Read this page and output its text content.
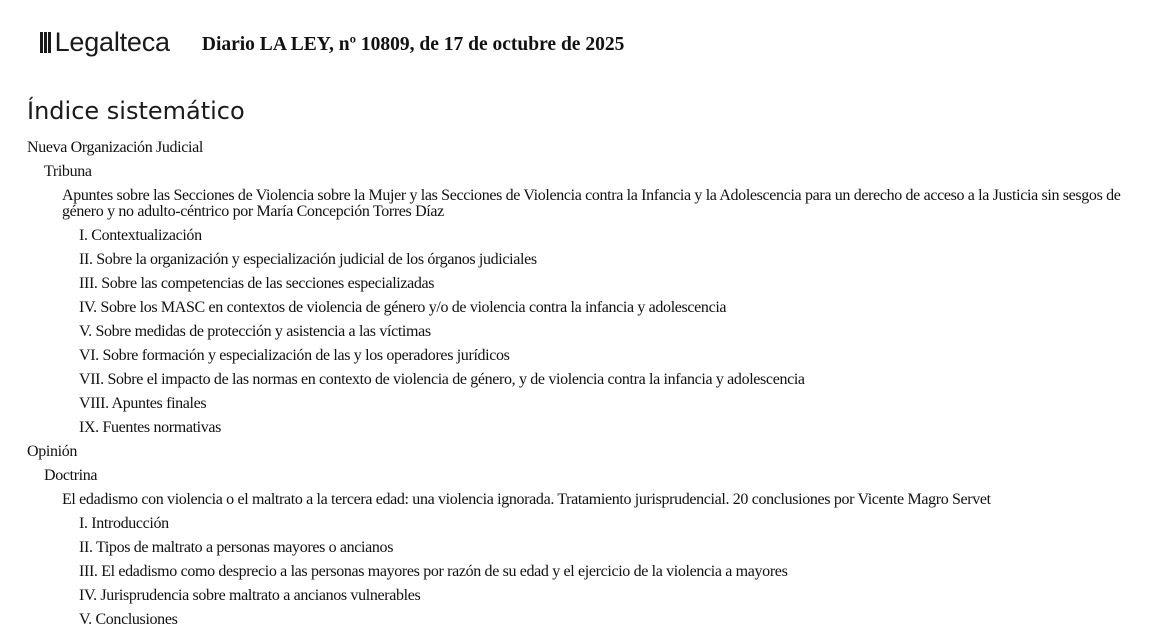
Legalteca Diario LA LEY, nº 10809, de 17 de octubre de 2025
Índice sistemático
Nueva Organización Judicial
Tribuna
Apuntes sobre las Secciones de Violencia sobre la Mujer y las Secciones de Violencia contra la Infancia y la Adolescencia para un derecho de acceso a la Justicia sin sesgos de género y no adulto-céntrico por María Concepción Torres Díaz
I. Contextualización
II. Sobre la organización y especialización judicial de los órganos judiciales
III. Sobre las competencias de las secciones especializadas
IV. Sobre los MASC en contextos de violencia de género y/o de violencia contra la infancia y adolescencia
V. Sobre medidas de protección y asistencia a las víctimas
VI. Sobre formación y especialización de las y los operadores jurídicos
VII. Sobre el impacto de las normas en contexto de violencia de género, y de violencia contra la infancia y adolescencia
VIII. Apuntes finales
IX. Fuentes normativas
Opinión
Doctrina
El edadismo con violencia o el maltrato a la tercera edad: una violencia ignorada. Tratamiento jurisprudencial. 20 conclusiones por Vicente Magro Servet
I. Introducción
II. Tipos de maltrato a personas mayores o ancianos
III. El edadismo como desprecio a las personas mayores por razón de su edad y el ejercicio de la violencia a mayores
IV. Jurisprudencia sobre maltrato a ancianos vulnerables
V. Conclusiones
